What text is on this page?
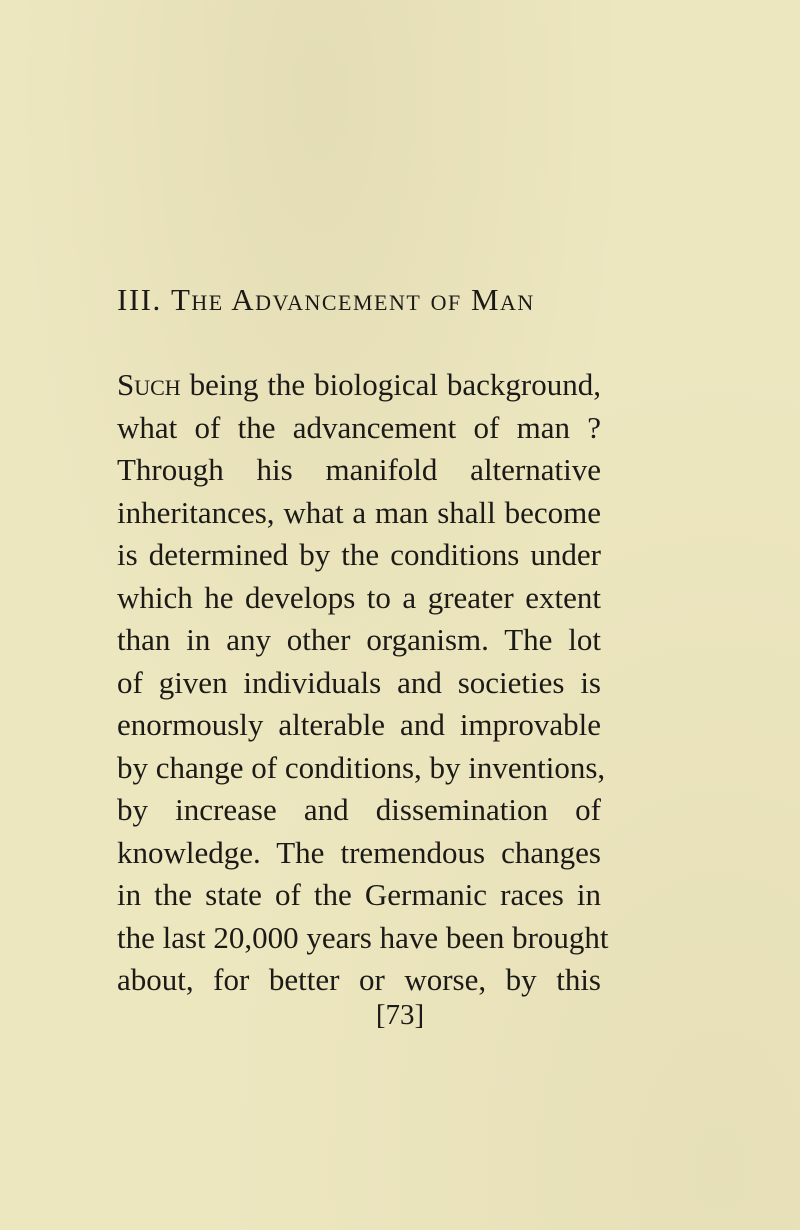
III. The Advancement of Man
Such being the biological background,
what of the advancement of man ?
Through his manifold alternative
inheritances, what a man shall become
is determined by the conditions under
which he develops to a greater extent
than in any other organism. The lot
of given individuals and societies is
enormously alterable and improvable
by change of conditions, by inventions,
by increase and dissemination of
knowledge. The tremendous changes
in the state of the Germanic races in
the last 20,000 years have been brought
about, for better or worse, by this
[73]
